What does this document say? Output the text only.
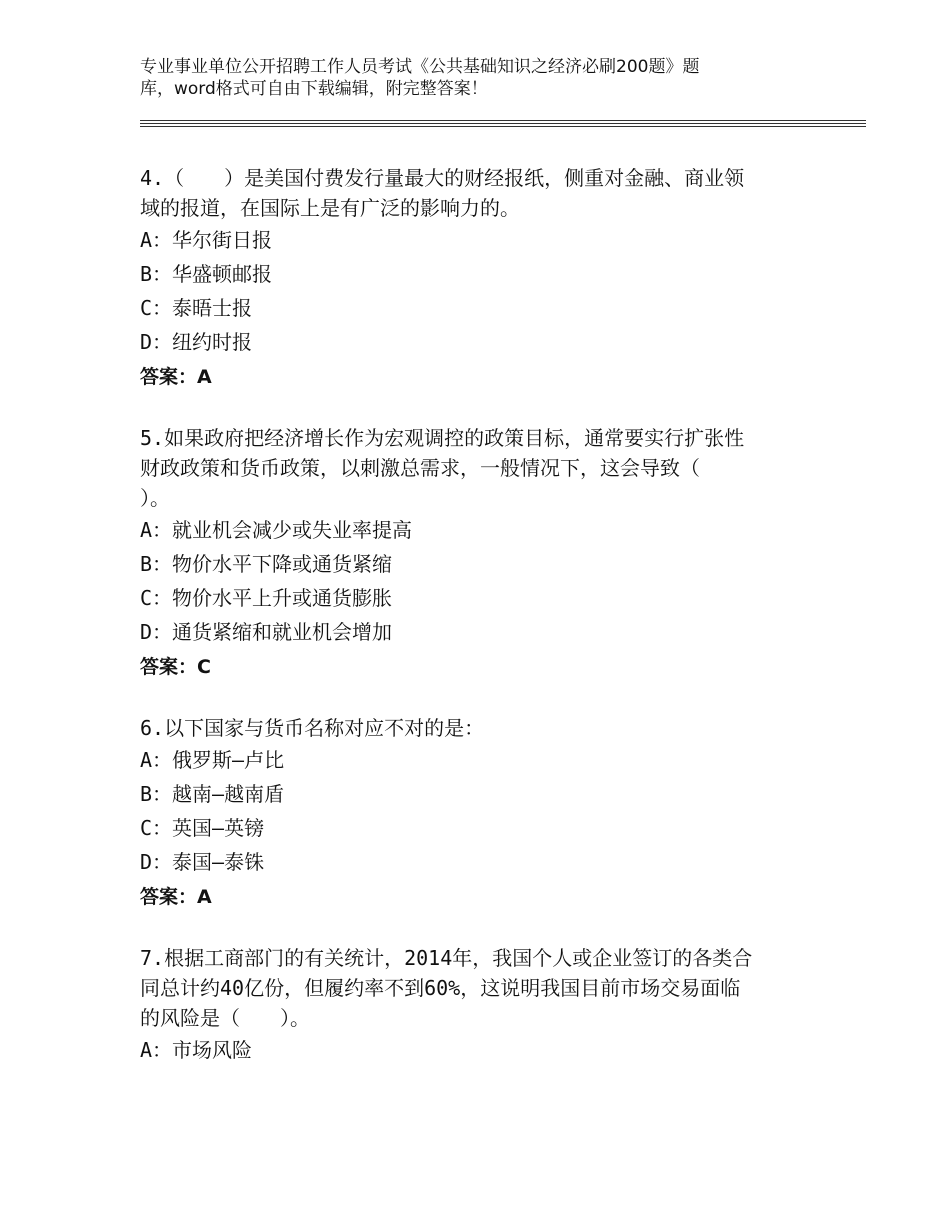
专业事业单位公开招聘工作人员考试《公共基础知识之经济必刷200题》题
库，word格式可自由下载编辑，附完整答案！
4.（　　）是美国付费发行量最大的财经报纸，侧重对金融、商业领
域的报道，在国际上是有广泛的影响力的。
A：华尔街日报
B：华盛顿邮报
C：泰晤士报
D：纽约时报
答案：A
5.如果政府把经济增长作为宏观调控的政策目标，通常要实行扩张性
财政政策和货币政策，以刺激总需求，一般情况下，这会导致（
）。
A：就业机会减少或失业率提高
B：物价水平下降或通货紧缩
C：物价水平上升或通货膨胀
D：通货紧缩和就业机会增加
答案：C
6.以下国家与货币名称对应不对的是：
A：俄罗斯—卢比
B：越南—越南盾
C：英国—英镑
D：泰国—泰铢
答案：A
7.根据工商部门的有关统计，2014年，我国个人或企业签订的各类合
同总计约40亿份，但履约率不到60%，这说明我国目前市场交易面临
的风险是（　　）。
A：市场风险
